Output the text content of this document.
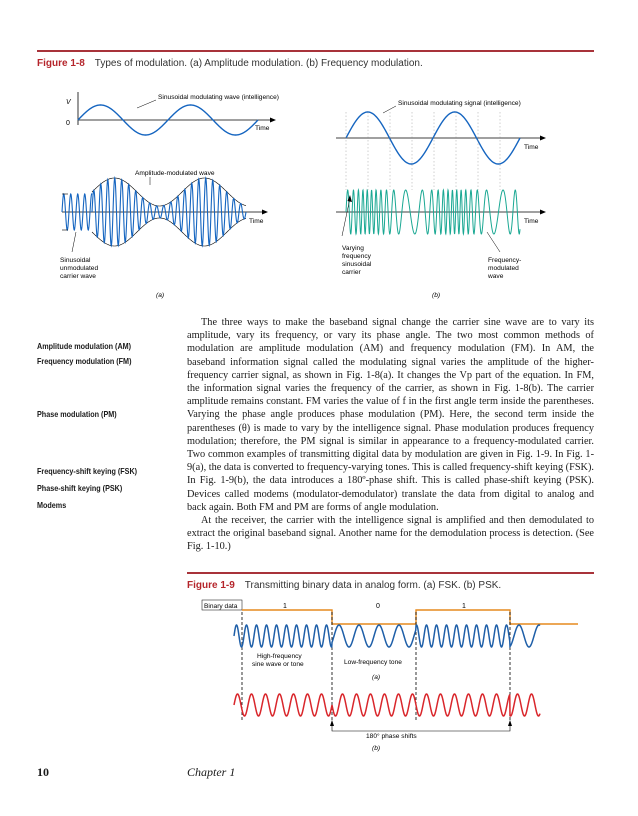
Figure 1-8 Types of modulation. (a) Amplitude modulation. (b) Frequency modulation.
V
0
Sinusoidal modulating wave (intelligence)
Time
Amplitude-modulated wave
Time
Sinusoidal
unmodulated
carrier wave
(a)
Sinusoidal modulating signal (intelligence)
Time
Time
Varying
frequency
sinusoidal
carrier
Frequency-
modulated
wave
(b)
Amplitude modulation (AM)
Frequency modulation (FM)
Phase modulation (PM)
Frequency-shift keying (FSK)
Phase-shift keying (PSK)
Modems

The three ways to make the baseband signal change the carrier sine wave are to vary its amplitude, vary its frequency, or vary its phase angle. The two most common methods of modulation are amplitude modulation (AM) and frequency modulation (FM). In AM, the baseband information signal called the modulating signal varies the amplitude of the higher-frequency carrier signal, as shown in Fig. 1-8(a). It changes the Vp part of the equation. In FM, the information signal varies the frequency of the carrier, as shown in Fig. 1-8(b). The carrier amplitude remains constant. FM varies the value of f in the first angle term inside the parentheses. Varying the phase angle produces phase modulation (PM). Here, the second term inside the parentheses (θ) is made to vary by the intelligence signal. Phase modulation produces frequency modulation; therefore, the PM signal is similar in appearance to a frequency-modulated carrier. Two common examples of transmitting digital data by modulation are given in Fig. 1-9. In Fig. 1-9(a), the data is converted to frequency-varying tones. This is called frequency-shift keying (FSK). In Fig. 1-9(b), the data introduces a 180º-phase shift. This is called phase-shift keying (PSK). Devices called modems (modulator-demodulator) translate the data from digital to analog and back again. Both FM and PM are forms of angle modulation.

At the receiver, the carrier with the intelligence signal is amplified and then demodulated to extract the original baseband signal. Another name for the demodulation process is detection. (See Fig. 1-10.)

Figure 1-9 Transmitting binary data in analog form. (a) FSK. (b) PSK.
Binary data	1	0	1
High-frequency
sine wave or tone	Low-frequency tone
(a)
180° phase shifts
(b)
10	Chapter 1
